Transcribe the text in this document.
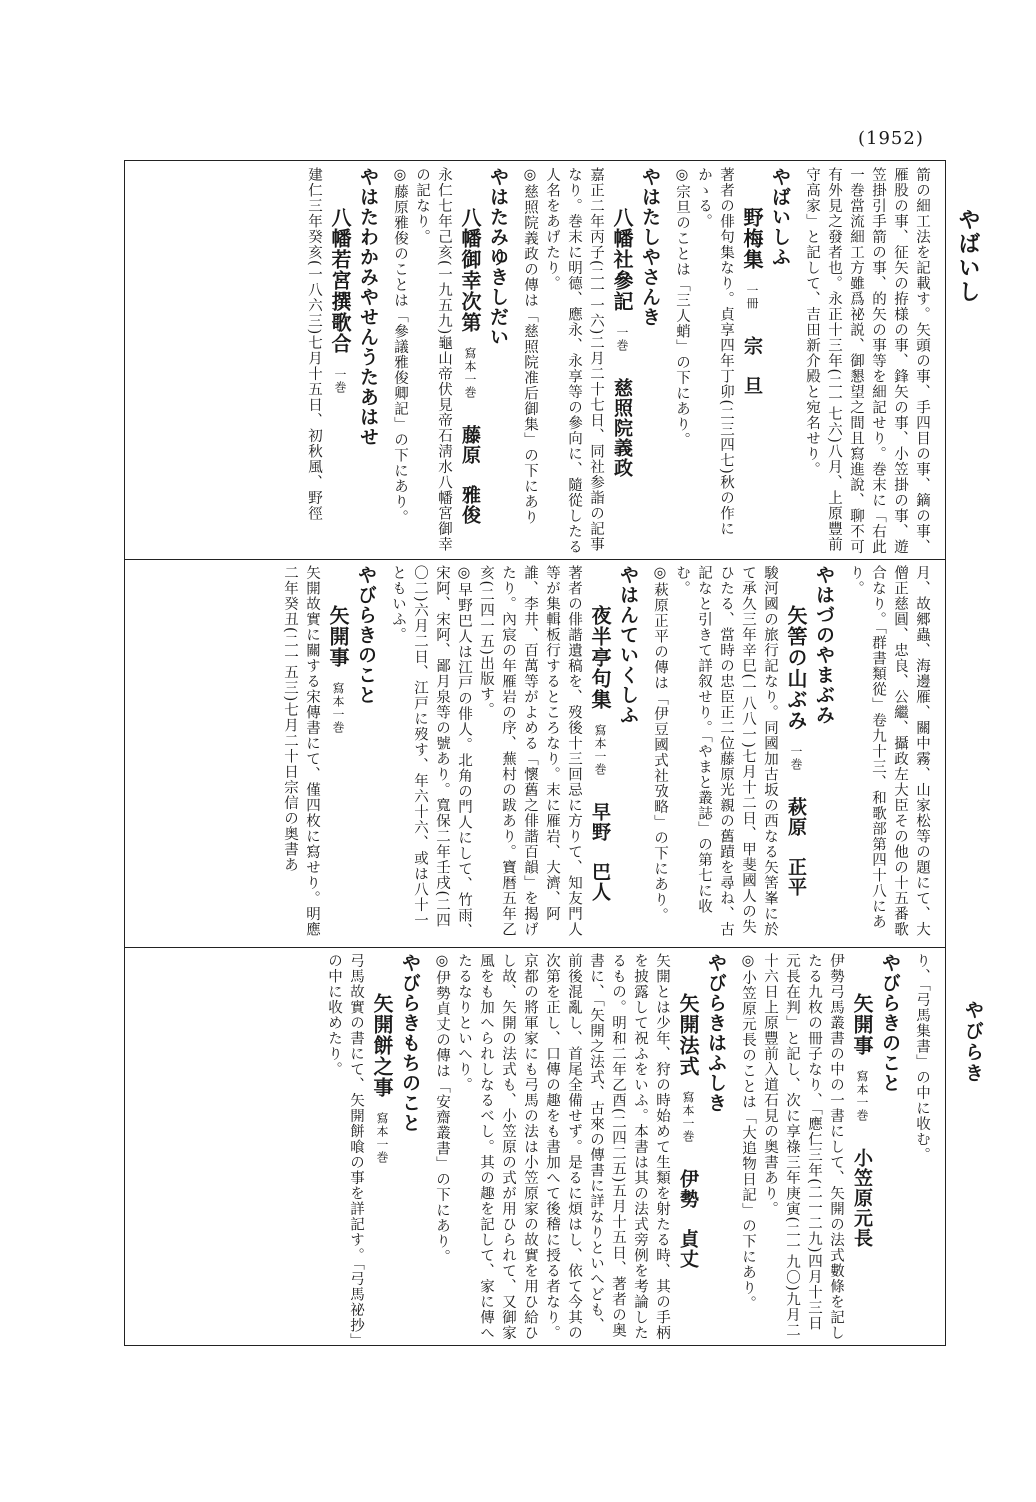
(1952)

箭の細工法を記載す。矢頭の事、手四目の事、鏑の事、雁股の事、征矢の拵様の事、鋒矢の事、小笠掛の事、遊笠掛引手箭の事、的矢の事等を細記せり。巻末に「右此一巻當流細工方雖爲祕説、御懇望之間且寫進說、聊不可有外見之發者也。永正十三年(二一七六)八月、上原豐前守高家」と記して、吉田新介殿と宛名せり。

やばいしふ

野梅集一冊宗　旦

著者の俳句集なり。貞享四年丁卯(二三四七)秋の作にかゝる。

◎宗旦のことは「三人蛸」の下にあり。

やはたしやさんき

八幡社參記一巻慈照院義政

嘉正二年丙子(二一一六)二月二十七日、同社参詣の記事なり。巻末に明德、應永、永享等の參向に、隨從したる人名をあげたり。

◎慈照院義政の傳は「慈照院准后御集」の下にあり

やはたみゆきしだい

八幡御幸次第寫本一巻藤原　雅俊

永仁七年己亥(一九五九)龜山帝伏見帝石淸水八幡宮御幸の記なり。

◎藤原雅俊のことは「參議雅俊卿記」の下にあり。

やはたわかみやせんうたあはせ

八幡若宮撰歌合一巻

建仁三年癸亥(一八六三)七月十五日、初秋風、野徑

月、故郷蟲、海邊雁、關中霧、山家松等の題にて、大僧正慈圓、忠良、公繼、攝政左大臣その他の十五番歌合なり。「群書類從」卷九十三、和歌部第四十八にあり。

やはづのやまぶみ

矢筈の山ぶみ一巻萩原　正平

駿河國の旅行記なり。同國加古坂の西なる矢筈峯に於て承久三年辛巳(一八八一)七月十二日、甲斐國人の失ひたる、當時の忠臣正二位藤原光親の舊蹟を尋ね、古記なと引きて詳叙せり。「やまと叢誌」の第七に收む。

◎萩原正平の傳は「伊豆國式社攷略」の下にあり。

やはんていくしふ

夜半亭句集寫本一巻早野　巴人

著者の俳諧遺稿を、歿後十三回忌に方りて、知友門人等が集輯板行するところなり。末に雁岩、大濟、阿誰、李井、百萬等がよめる「懷舊之俳諧百韻」を揭げたり。內宸の年雁岩の序、蕪村の跋あり。寶暦五年乙亥(二四一五)出版す。

◎早野巴人は江戸の俳人。北角の門人にして、竹雨、宋阿、宋阿、鄙月泉等の號あり。寬保二年壬戌(二四〇二)六月二日、江戸に歿す、年六十六、或は八十一ともいふ。

やびらきのこと

矢開事寫本一巻

矢開故實に關する宋傳書にて、僅四枚に寫せり。明應二年癸丑(二一五三)七月二十日宗信の奥書あ

り、「弓馬集書」の中に收む。

やびらきのこと

矢開事寫本一巻小笠原元長

伊勢弓馬叢書の中の一書にして、矢開の法式數條を記したる九枚の冊子なり、「應仁三年(二一二九)四月十三日元長在判」と記し、次に享祿三年庚寅(二一九〇)九月二十六日上原豐前入道石見の奥書あり。

◎小笠原元長のことは「大追物日記」の下にあり。

やびらきはふしき

矢開法式寫本一巻伊勢　貞丈

矢開とは少年、狩の時始めて生類を射たる時、其の手柄を披露して祝ふをいふ。本書は其の法式旁例を考論したるもの。明和二年乙酉(二四二五)五月十五日、著者の奥書に、「矢開之法式、古來の傳書に詳なりといへども、前後混亂し、首尾全備せず。是るに煩はし、依て今其の次第を正し、口傳の趣をも書加へて後稽に授る者なり。京都の將軍家にも弓馬の法は小笠原家の故實を用ひ給ひし故、矢開の法式も、小笠原の式が用ひられて、又御家風をも加へられしなるべし。其の趣を記して、家に傳へたるなりといへり。

◎伊勢貞丈の傳は「安齋叢書」の下にあり。

やびらきもちのこと

矢開餅之事寫本一巻

弓馬故實の書にて、矢開餅喰の事を詳記す。「弓馬祕抄」の中に收めたり。

やばいし
やびらき
